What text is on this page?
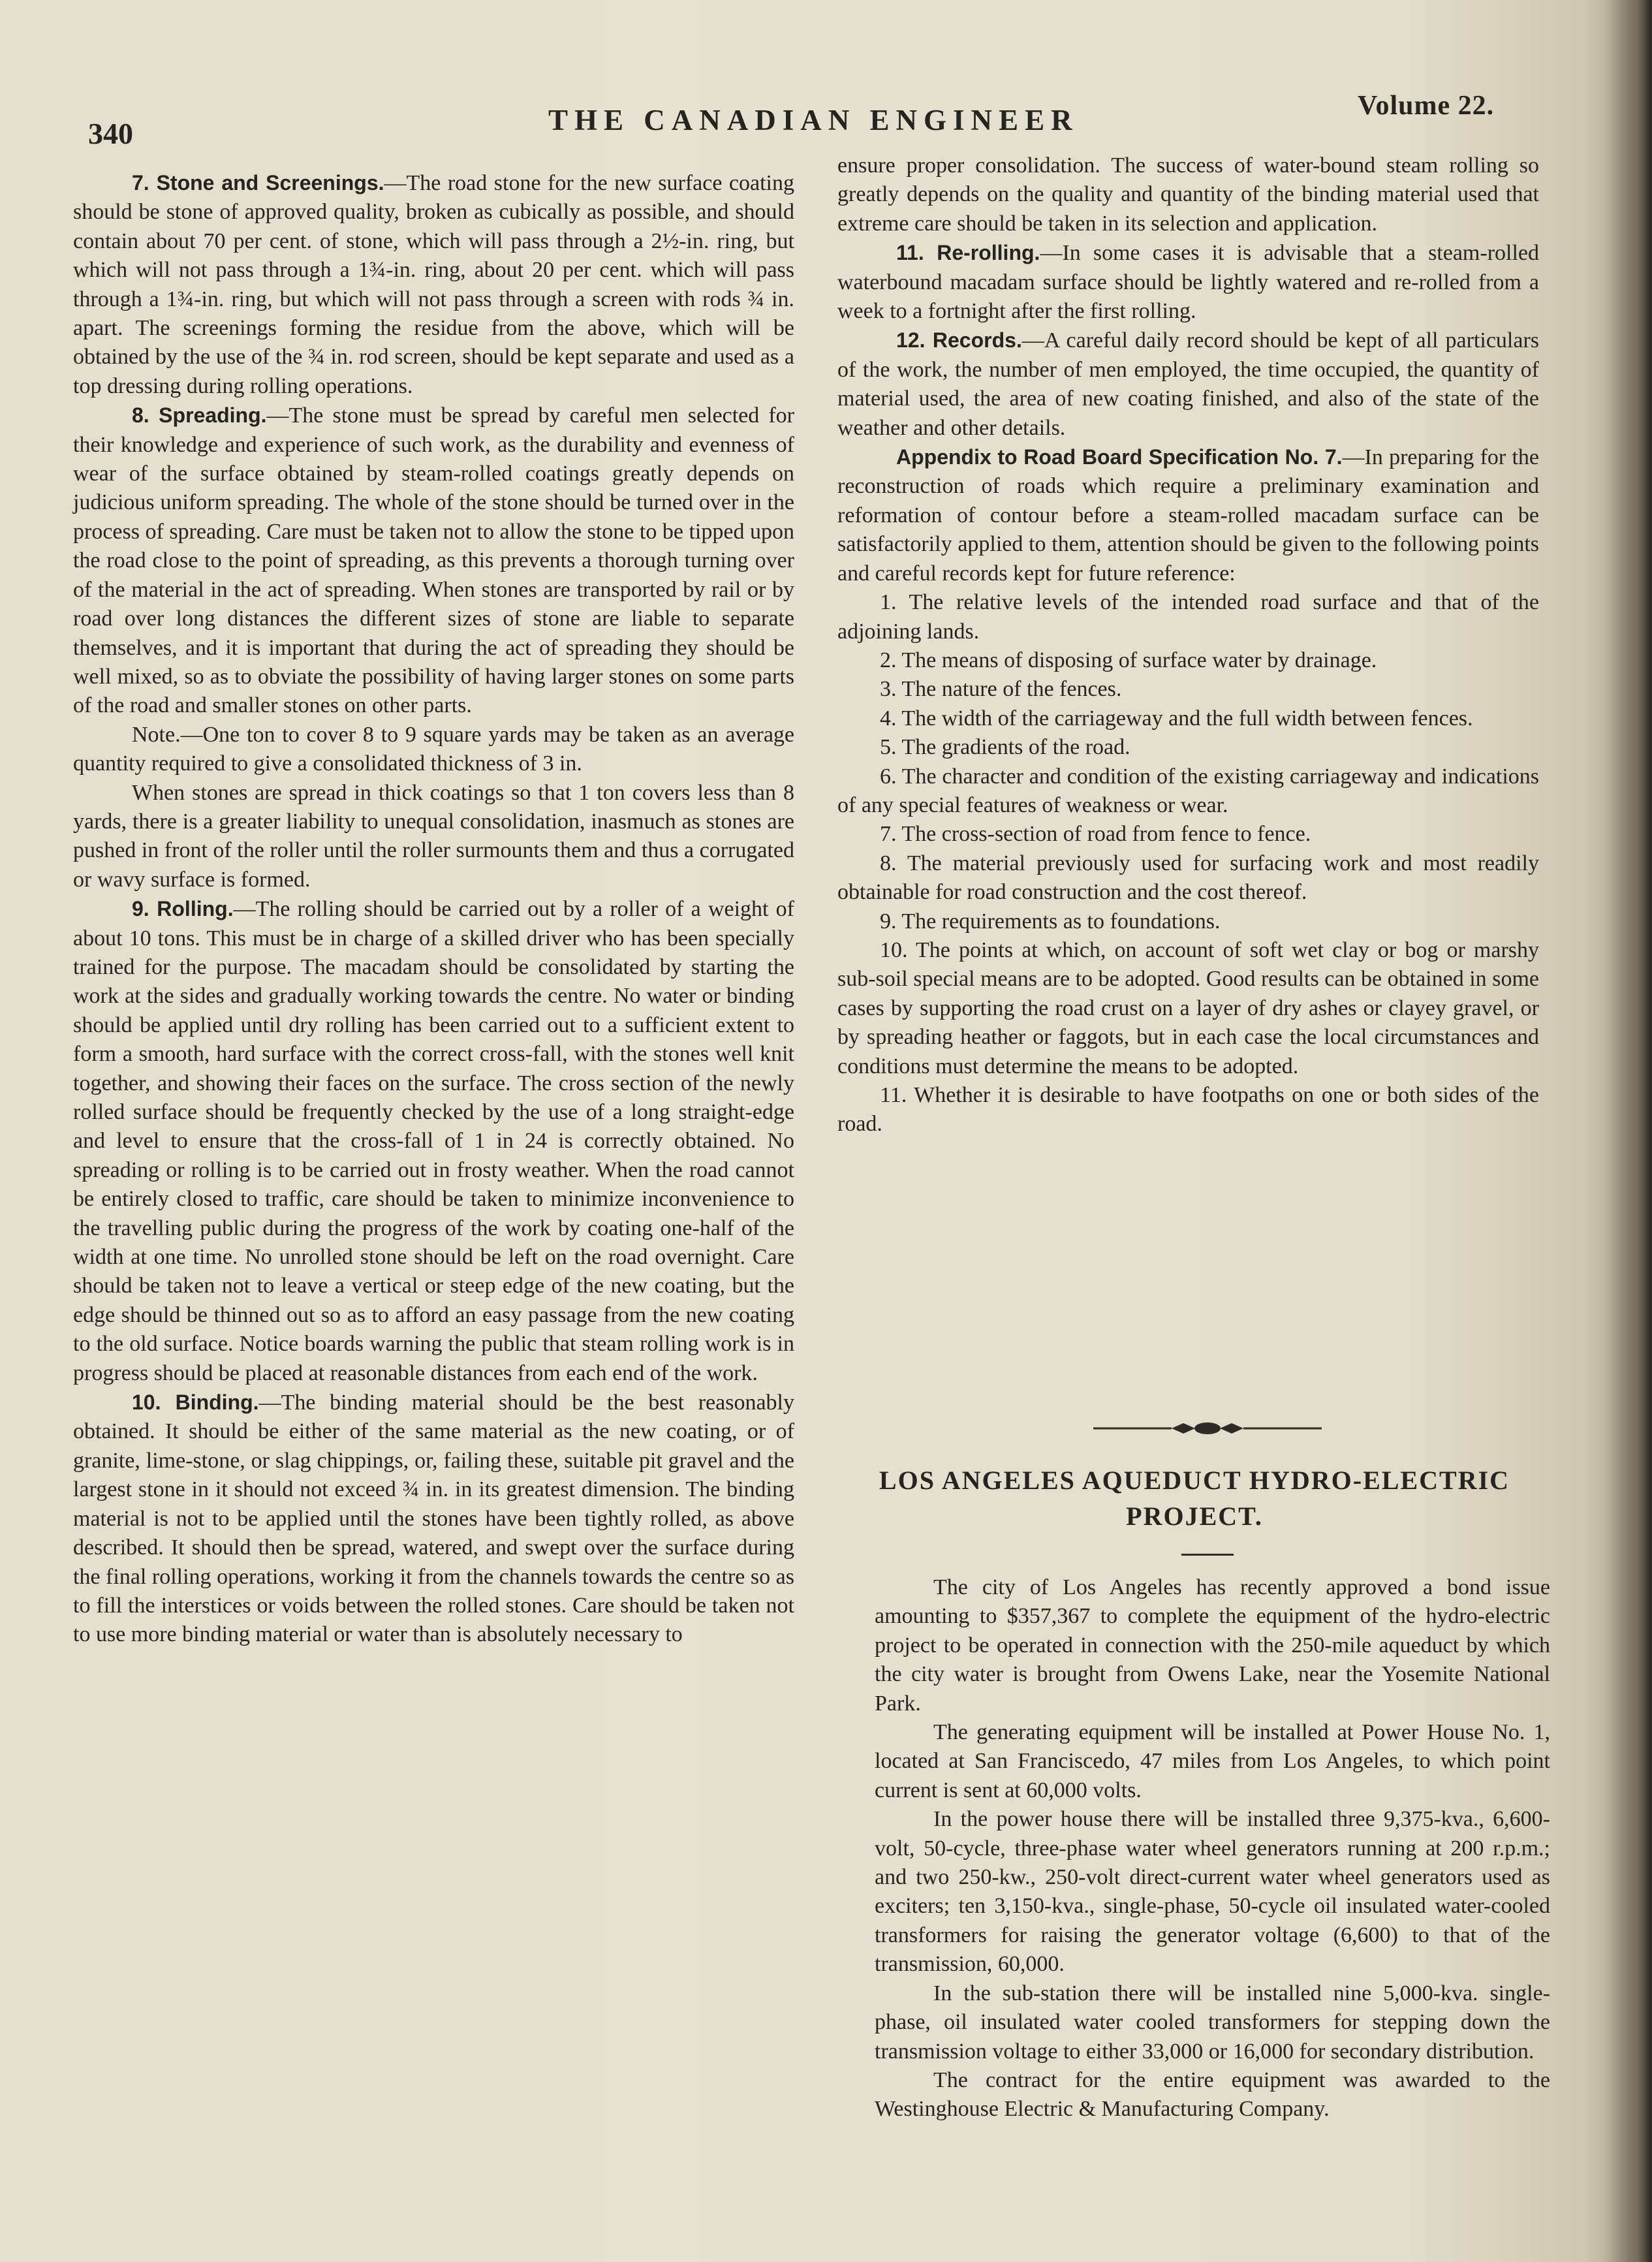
340	THE CANADIAN ENGINEER	Volume 22.

7. Stone and Screenings.—The road stone for the new surface coating should be stone of approved quality, broken as cubically as possible, and should contain about 70 per cent. of stone, which will pass through a 2½-in. ring, but which will not pass through a 1¾-in. ring, about 20 per cent. which will pass through a 1¾-in. ring, but which will not pass through a screen with rods ¾ in. apart. The screenings forming the residue from the above, which will be obtained by the use of the ¾ in. rod screen, should be kept separate and used as a top dressing during rolling operations.

8. Spreading.—The stone must be spread by careful men selected for their knowledge and experience of such work, as the durability and evenness of wear of the surface obtained by steam-rolled coatings greatly depends on judicious uniform spreading. The whole of the stone should be turned over in the process of spreading. Care must be taken not to allow the stone to be tipped upon the road close to the point of spreading, as this prevents a thorough turning over of the material in the act of spreading. When stones are transported by rail or by road over long distances the different sizes of stone are liable to separate themselves, and it is important that during the act of spreading they should be well mixed, so as to obviate the possibility of having larger stones on some parts of the road and smaller stones on other parts.

Note.—One ton to cover 8 to 9 square yards may be taken as an average quantity required to give a consolidated thickness of 3 in.

When stones are spread in thick coatings so that 1 ton covers less than 8 yards, there is a greater liability to unequal consolidation, inasmuch as stones are pushed in front of the roller until the roller surmounts them and thus a corrugated or wavy surface is formed.

9. Rolling.—The rolling should be carried out by a roller of a weight of about 10 tons. This must be in charge of a skilled driver who has been specially trained for the purpose. The macadam should be consolidated by starting the work at the sides and gradually working towards the centre. No water or binding should be applied until dry rolling has been carried out to a sufficient extent to form a smooth, hard surface with the correct cross-fall, with the stones well knit together, and showing their faces on the surface. The cross section of the newly rolled surface should be frequently checked by the use of a long straight-edge and level to ensure that the cross-fall of 1 in 24 is correctly obtained. No spreading or rolling is to be carried out in frosty weather. When the road cannot be entirely closed to traffic, care should be taken to minimize inconvenience to the travelling public during the progress of the work by coating one-half of the width at one time. No unrolled stone should be left on the road overnight. Care should be taken not to leave a vertical or steep edge of the new coating, but the edge should be thinned out so as to afford an easy passage from the new coating to the old surface. Notice boards warning the public that steam rolling work is in progress should be placed at reasonable distances from each end of the work.

10. Binding.—The binding material should be the best reasonably obtained. It should be either of the same material as the new coating, or of granite, lime-stone, or slag chippings, or, failing these, suitable pit gravel and the largest stone in it should not exceed ¾ in. in its greatest dimension. The binding material is not to be applied until the stones have been tightly rolled, as above described. It should then be spread, watered, and swept over the surface during the final rolling operations, working it from the channels towards the centre so as to fill the interstices or voids between the rolled stones. Care should be taken not to use more binding material or water than is absolutely necessary to

ensure proper consolidation. The success of water-bound steam rolling so greatly depends on the quality and quantity of the binding material used that extreme care should be taken in its selection and application.

11. Re-rolling.—In some cases it is advisable that a steam-rolled waterbound macadam surface should be lightly watered and re-rolled from a week to a fortnight after the first rolling.

12. Records.—A careful daily record should be kept of all particulars of the work, the number of men employed, the time occupied, the quantity of material used, the area of new coating finished, and also of the state of the weather and other details.

Appendix to Road Board Specification No. 7.—In preparing for the reconstruction of roads which require a preliminary examination and reformation of contour before a steam-rolled macadam surface can be satisfactorily applied to them, attention should be given to the following points and careful records kept for future reference:

1. The relative levels of the intended road surface and that of the adjoining lands.

2. The means of disposing of surface water by drainage.

3. The nature of the fences.

4. The width of the carriageway and the full width between fences.

5. The gradients of the road.

6. The character and condition of the existing carriageway and indications of any special features of weakness or wear.

7. The cross-section of road from fence to fence.

8. The material previously used for surfacing work and most readily obtainable for road construction and the cost thereof.

9. The requirements as to foundations.

10. The points at which, on account of soft wet clay or bog or marshy sub-soil special means are to be adopted. Good results can be obtained in some cases by supporting the road crust on a layer of dry ashes or clayey gravel, or by spreading heather or faggots, but in each case the local circumstances and conditions must determine the means to be adopted.

11. Whether it is desirable to have footpaths on one or both sides of the road.

LOS ANGELES AQUEDUCT HYDRO-ELECTRIC
PROJECT.

The city of Los Angeles has recently approved a bond issue amounting to $357,367 to complete the equipment of the hydro-electric project to be operated in connection with the 250-mile aqueduct by which the city water is brought from Owens Lake, near the Yosemite National Park.

The generating equipment will be installed at Power House No. 1, located at San Franciscedo, 47 miles from Los Angeles, to which point current is sent at 60,000 volts.

In the power house there will be installed three 9,375-kva., 6,600-volt, 50-cycle, three-phase water wheel generators running at 200 r.p.m.; and two 250-kw., 250-volt direct-current water wheel generators used as exciters; ten 3,150-kva., single-phase, 50-cycle oil insulated water-cooled transformers for raising the generator voltage (6,600) to that of the transmission, 60,000.

In the sub-station there will be installed nine 5,000-kva. single-phase, oil insulated water cooled transformers for stepping down the transmission voltage to either 33,000 or 16,000 for secondary distribution.

The contract for the entire equipment was awarded to the Westinghouse Electric & Manufacturing Company.
